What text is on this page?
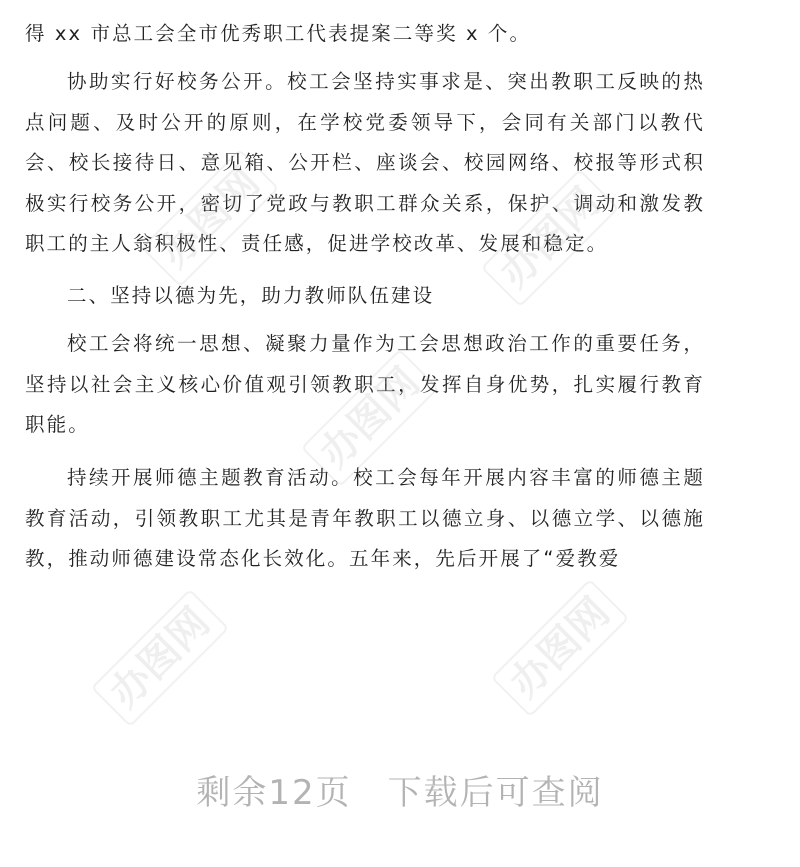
得 xx 市总工会全市优秀职工代表提案二等奖 x 个。

协助实行好校务公开。校工会坚持实事求是、突出教职工反映的热点问题、及时公开的原则，在学校党委领导下，会同有关部门以教代会、校长接待日、意见箱、公开栏、座谈会、校园网络、校报等形式积极实行校务公开，密切了党政与教职工群众关系，保护、调动和激发教职工的主人翁积极性、责任感，促进学校改革、发展和稳定。

二、坚持以德为先，助力教师队伍建设

校工会将统一思想、凝聚力量作为工会思想政治工作的重要任务，坚持以社会主义核心价值观引领教职工，发挥自身优势，扎实履行教育职能。

持续开展师德主题教育活动。校工会每年开展内容丰富的师德主题教育活动，引领教职工尤其是青年教职工以德立身、以德立学、以德施教，推动师德建设常态化长效化。五年来，先后开展了“爱教爱

办图网	办图网
办图网
办图网	办图网
剩余12页 下载后可查阅
